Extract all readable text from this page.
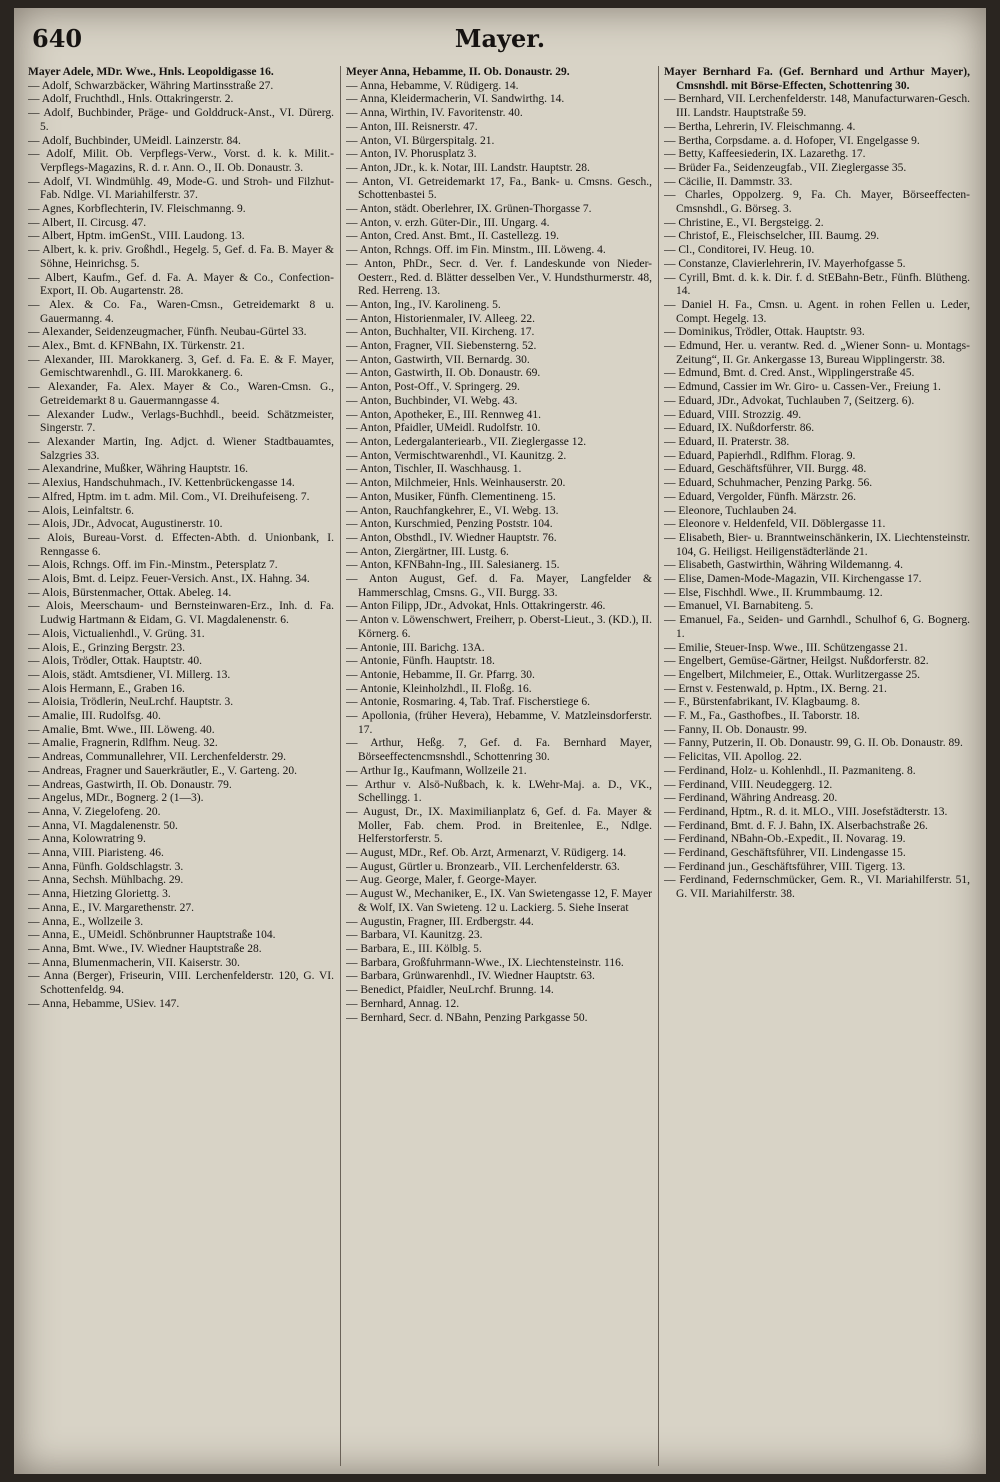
Mayer.
640

Mayer Adele, MDr. Wwe., Hnls. Leopoldigasse 16.

— Adolf, Schwarzbäcker, Währing Martinsstraße 27.

— Adolf, Fruchthdl., Hnls. Ottakringerstr. 2.

— Adolf, Buchbinder, Präge- und Golddruck-Anst., VI. Dürerg. 5.

— Adolf, Buchbinder, UMeidl. Lainzerstr. 84.

— Adolf, Milit. Ob. Verpflegs-Verw., Vorst. d. k. k. Milit.-Verpflegs-Magazins, R. d. r. Ann. O., II. Ob. Donaustr. 3.

— Adolf, VI. Windmühlg. 49, Mode-G. und Stroh- und Filzhut-Fab. Ndlge. VI. Mariahilferstr. 37.

— Agnes, Korbflechterin, IV. Fleischmanng. 9.

— Albert, II. Circusg. 47.

— Albert, Hptm. imGenSt., VIII. Laudong. 13.

— Albert, k. k. priv. Großhdl., Hegelg. 5, Gef. d. Fa. B. Mayer & Söhne, Heinrichsg. 5.

— Albert, Kaufm., Gef. d. Fa. A. Mayer & Co., Confection-Export, II. Ob. Augartenstr. 28.

— Alex. & Co. Fa., Waren-Cmsn., Getreidemarkt 8 u. Gauermanng. 4.

— Alexander, Seidenzeugmacher, Fünfh. Neubau-Gürtel 33.

— Alex., Bmt. d. KFNBahn, IX. Türkenstr. 21.

— Alexander, III. Marokkanerg. 3, Gef. d. Fa. E. & F. Mayer, Gemischtwarenhdl., G. III. Marokkanerg. 6.

— Alexander, Fa. Alex. Mayer & Co., Waren-Cmsn. G., Getreidemarkt 8 u. Gauermanngasse 4.

— Alexander Ludw., Verlags-Buchhdl., beeid. Schätzmeister, Singerstr. 7.

— Alexander Martin, Ing. Adjct. d. Wiener Stadtbauamtes, Salzgries 33.

— Alexandrine, Mußker, Währing Hauptstr. 16.

— Alexius, Handschuhmach., IV. Kettenbrückengasse 14.

— Alfred, Hptm. im t. adm. Mil. Com., VI. Dreihufeiseng. 7.

— Alois, Leinfaltstr. 6.

— Alois, JDr., Advocat, Augustinerstr. 10.

— Alois, Bureau-Vorst. d. Effecten-Abth. d. Unionbank, I. Renngasse 6.

— Alois, Rchngs. Off. im Fin.-Minstm., Petersplatz 7.

— Alois, Bmt. d. Leipz. Feuer-Versich. Anst., IX. Hahng. 34.

— Alois, Bürstenmacher, Ottak. Abeleg. 14.

— Alois, Meerschaum- und Bernsteinwaren-Erz., Inh. d. Fa. Ludwig Hartmann & Eidam, G. VI. Magdalenenstr. 6.

— Alois, Victualienhdl., V. Grüng. 31.

— Alois, E., Grinzing Bergstr. 23.

— Alois, Trödler, Ottak. Hauptstr. 40.

— Alois, städt. Amtsdiener, VI. Millerg. 13.

— Alois Hermann, E., Graben 16.

— Aloisia, Trödlerin, NeuLrchf. Hauptstr. 3.

— Amalie, III. Rudolfsg. 40.

— Amalie, Bmt. Wwe., III. Löweng. 40.

— Amalie, Fragnerin, Rdlfhm. Neug. 32.

— Andreas, Communallehrer, VII. Lerchenfelderstr. 29.

— Andreas, Fragner und Sauerkräutler, E., V. Garteng. 20.

— Andreas, Gastwirth, II. Ob. Donaustr. 79.

— Angelus, MDr., Bognerg. 2 (1—3).

— Anna, V. Ziegelofeng. 20.

— Anna, VI. Magdalenenstr. 50.

— Anna, Kolowratring 9.

— Anna, VIII. Piaristeng. 46.

— Anna, Fünfh. Goldschlagstr. 3.

— Anna, Sechsh. Mühlbachg. 29.

— Anna, Hietzing Gloriettg. 3.

— Anna, E., IV. Margarethenstr. 27.

— Anna, E., Wollzeile 3.

— Anna, E., UMeidl. Schönbrunner Hauptstraße 104.

— Anna, Bmt. Wwe., IV. Wiedner Hauptstraße 28.

— Anna, Blumenmacherin, VII. Kaiserstr. 30.

— Anna (Berger), Friseurin, VIII. Lerchenfelderstr. 120, G. VI. Schottenfeldg. 94.

— Anna, Hebamme, USiev. 147.

Meyer Anna, Hebamme, II. Ob. Donaustr. 29.

— Anna, Hebamme, V. Rüdigerg. 14.

— Anna, Kleidermacherin, VI. Sandwirthg. 14.

— Anna, Wirthin, IV. Favoritenstr. 40.

— Anton, III. Reisnerstr. 47.

— Anton, VI. Bürgerspitalg. 21.

— Anton, IV. Phorusplatz 3.

— Anton, JDr., k. k. Notar, III. Landstr. Hauptstr. 28.

— Anton, VI. Getreidemarkt 17, Fa., Bank- u. Cmsns. Gesch., Schottenbastei 5.

— Anton, städt. Oberlehrer, IX. Grünen-Thorgasse 7.

— Anton, v. erzh. Güter-Dir., III. Ungarg. 4.

— Anton, Cred. Anst. Bmt., II. Castellezg. 19.

— Anton, Rchngs. Off. im Fin. Minstm., III. Löweng. 4.

— Anton, PhDr., Secr. d. Ver. f. Landeskunde von Nieder-Oesterr., Red. d. Blätter desselben Ver., V. Hundsthurmerstr. 48, Red. Herreng. 13.

— Anton, Ing., IV. Karolineng. 5.

— Anton, Historienmaler, IV. Alleeg. 22.

— Anton, Buchhalter, VII. Kircheng. 17.

— Anton, Fragner, VII. Siebensterng. 52.

— Anton, Gastwirth, VII. Bernardg. 30.

— Anton, Gastwirth, II. Ob. Donaustr. 69.

— Anton, Post-Off., V. Springerg. 29.

— Anton, Buchbinder, VI. Webg. 43.

— Anton, Apotheker, E., III. Rennweg 41.

— Anton, Pfaidler, UMeidl. Rudolfstr. 10.

— Anton, Ledergalanteriearb., VII. Zieglergasse 12.

— Anton, Vermischtwarenhdl., VI. Kaunitzg. 2.

— Anton, Tischler, II. Waschhausg. 1.

— Anton, Milchmeier, Hnls. Weinhauserstr. 20.

— Anton, Musiker, Fünfh. Clementineng. 15.

— Anton, Rauchfangkehrer, E., VI. Webg. 13.

— Anton, Kurschmied, Penzing Poststr. 104.

— Anton, Obsthdl., IV. Wiedner Hauptstr. 76.

— Anton, Ziergärtner, III. Lustg. 6.

— Anton, KFNBahn-Ing., III. Salesianerg. 15.

— Anton August, Gef. d. Fa. Mayer, Langfelder & Hammerschlag, Cmsns. G., VII. Burgg. 33.

— Anton Filipp, JDr., Advokat, Hnls. Ottakringerstr. 46.

— Anton v. Löwenschwert, Freiherr, p. Oberst-Lieut., 3. (KD.), II. Körnerg. 6.

— Antonie, III. Barichg. 13A.

— Antonie, Fünfh. Hauptstr. 18.

— Antonie, Hebamme, II. Gr. Pfarrg. 30.

— Antonie, Kleinholzhdl., II. Floßg. 16.

— Antonie, Rosmaring. 4, Tab. Traf. Fischerstiege 6.

— Apollonia, (früher Hevera), Hebamme, V. Matzleinsdorferstr. 17.

— Arthur, Heßg. 7, Gef. d. Fa. Bernhard Mayer, Börseeffectencmsnshdl., Schottenring 30.

— Arthur Ig., Kaufmann, Wollzeile 21.

— Arthur v. Alsö-Nußbach, k. k. LWehr-Maj. a. D., VK., Schellingg. 1.

— August, Dr., IX. Maximilianplatz 6, Gef. d. Fa. Mayer & Moller, Fab. chem. Prod. in Breitenlee, E., Ndlge. Helferstorferstr. 5.

— August, MDr., Ref. Ob. Arzt, Armenarzt, V. Rüdigerg. 14.

— August, Gürtler u. Bronzearb., VII. Lerchenfelderstr. 63.

— Aug. George, Maler, f. George-Mayer.

— August W., Mechaniker, E., IX. Van Swietengasse 12, F. Mayer & Wolf, IX. Van Swieteng. 12 u. Lackierg. 5. Siehe Inserat

— Augustin, Fragner, III. Erdbergstr. 44.

— Barbara, VI. Kaunitzg. 23.

— Barbara, E., III. Kölblg. 5.

— Barbara, Großfuhrmann-Wwe., IX. Liechtensteinstr. 116.

— Barbara, Grünwarenhdl., IV. Wiedner Hauptstr. 63.

— Benedict, Pfaidler, NeuLrchf. Brunng. 14.

— Bernhard, Annag. 12.

— Bernhard, Secr. d. NBahn, Penzing Parkgasse 50.

Mayer Bernhard Fa. (Gef. Bernhard und Arthur Mayer), Cmsnshdl. mit Börse-Effecten, Schottenring 30.

— Bernhard, VII. Lerchenfelderstr. 148, Manufacturwaren-Gesch. III. Landstr. Hauptstraße 59.

— Bertha, Lehrerin, IV. Fleischmanng. 4.

— Bertha, Corpsdame. a. d. Hofoper, VI. Engelgasse 9.

— Betty, Kaffeesiederin, IX. Lazarethg. 17.

— Brüder Fa., Seidenzeugfab., VII. Zieglergasse 35.

— Cäcilie, II. Dammstr. 33.

— Charles, Oppolzerg. 9, Fa. Ch. Mayer, Börseeffecten-Cmsnshdl., G. Börseg. 3.

— Christine, E., VI. Bergsteigg. 2.

— Christof, E., Fleischselcher, III. Baumg. 29.

— Cl., Conditorei, IV. Heug. 10.

— Constanze, Clavierlehrerin, IV. Mayerhofgasse 5.

— Cyrill, Bmt. d. k. k. Dir. f. d. StEBahn-Betr., Fünfh. Blütheng. 14.

— Daniel H. Fa., Cmsn. u. Agent. in rohen Fellen u. Leder, Compt. Hegelg. 13.

— Dominikus, Trödler, Ottak. Hauptstr. 93.

— Edmund, Her. u. verantw. Red. d. „Wiener Sonn- u. Montags-Zeitung“, II. Gr. Ankergasse 13, Bureau Wipplingerstr. 38.

— Edmund, Bmt. d. Cred. Anst., Wipplingerstraße 45.

— Edmund, Cassier im Wr. Giro- u. Cassen-Ver., Freiung 1.

— Eduard, JDr., Advokat, Tuchlauben 7, (Seitzerg. 6).

— Eduard, VIII. Strozzig. 49.

— Eduard, IX. Nußdorferstr. 86.

— Eduard, II. Praterstr. 38.

— Eduard, Papierhdl., Rdlfhm. Florag. 9.

— Eduard, Geschäftsführer, VII. Burgg. 48.

— Eduard, Schuhmacher, Penzing Parkg. 56.

— Eduard, Vergolder, Fünfh. Märzstr. 26.

— Eleonore, Tuchlauben 24.

— Eleonore v. Heldenfeld, VII. Döblergasse 11.

— Elisabeth, Bier- u. Branntweinschänkerin, IX. Liechtensteinstr. 104, G. Heiligst. Heiligenstädterlände 21.

— Elisabeth, Gastwirthin, Währing Wildemanng. 4.

— Elise, Damen-Mode-Magazin, VII. Kirchengasse 17.

— Else, Fischhdl. Wwe., II. Krummbaumg. 12.

— Emanuel, VI. Barnabiteng. 5.

— Emanuel, Fa., Seiden- und Garnhdl., Schulhof 6, G. Bognerg. 1.

— Emilie, Steuer-Insp. Wwe., III. Schützengasse 21.

— Engelbert, Gemüse-Gärtner, Heilgst. Nußdorferstr. 82.

— Engelbert, Milchmeier, E., Ottak. Wurlitzergasse 25.

— Ernst v. Festenwald, p. Hptm., IX. Berng. 21.

— F., Bürstenfabrikant, IV. Klagbaumg. 8.

— F. M., Fa., Gasthofbes., II. Taborstr. 18.

— Fanny, II. Ob. Donaustr. 99.

— Fanny, Putzerin, II. Ob. Donaustr. 99, G. II. Ob. Donaustr. 89.

— Felicitas, VII. Apollog. 22.

— Ferdinand, Holz- u. Kohlenhdl., II. Pazmaniteng. 8.

— Ferdinand, VIII. Neudeggerg. 12.

— Ferdinand, Währing Andreasg. 20.

— Ferdinand, Hptm., R. d. it. MLO., VIII. Josefstädterstr. 13.

— Ferdinand, Bmt. d. F. J. Bahn, IX. Alserbachstraße 26.

— Ferdinand, NBahn-Ob.-Expedit., II. Novarag. 19.

— Ferdinand, Geschäftsführer, VII. Lindengasse 15.

— Ferdinand jun., Geschäftsführer, VIII. Tigerg. 13.

— Ferdinand, Federnschmücker, Gem. R., VI. Mariahilferstr. 51, G. VII. Mariahilferstr. 38.
